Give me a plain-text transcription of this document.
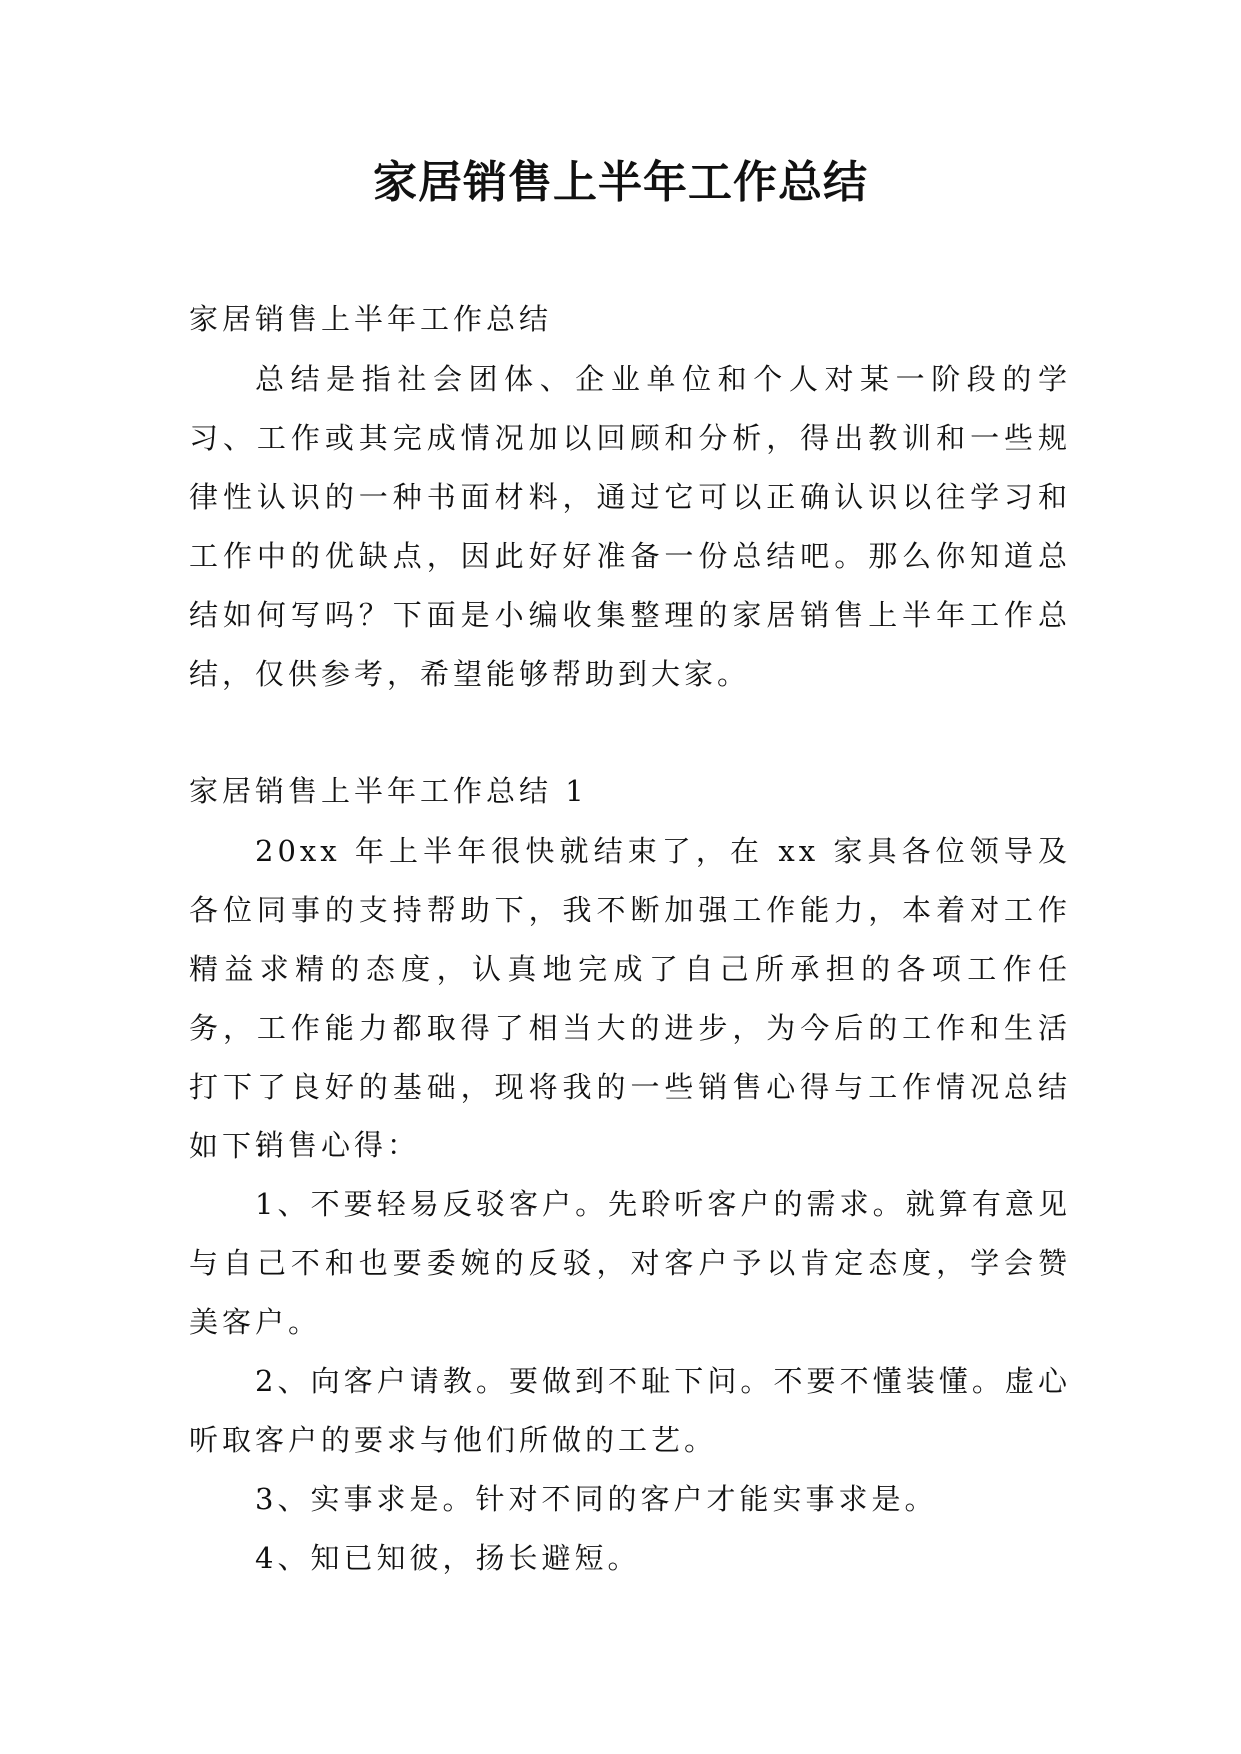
家居销售上半年工作总结

家居销售上半年工作总结

总结是指社会团体、企业单位和个人对某一阶段的学习、工作或其完成情况加以回顾和分析，得出教训和一些规律性认识的一种书面材料，通过它可以正确认识以往学习和工作中的优缺点，因此好好准备一份总结吧。那么你知道总结如何写吗？下面是小编收集整理的家居销售上半年工作总结，仅供参考，希望能够帮助到大家。

家居销售上半年工作总结 1

20xx 年上半年很快就结束了，在 xx 家具各位领导及各位同事的支持帮助下，我不断加强工作能力，本着对工作精益求精的态度，认真地完成了自己所承担的各项工作任务，工作能力都取得了相当大的进步，为今后的工作和生活打下了良好的基础，现将我的一些销售心得与工作情况总结如下:

销售心得：

1、不要轻易反驳客户。先聆听客户的需求。就算有意见与自己不和也要委婉的反驳，对客户予以肯定态度，学会赞美客户。

2、向客户请教。要做到不耻下问。不要不懂装懂。虚心听取客户的要求与他们所做的工艺。

3、实事求是。针对不同的客户才能实事求是。

4、知已知彼，扬长避短。
